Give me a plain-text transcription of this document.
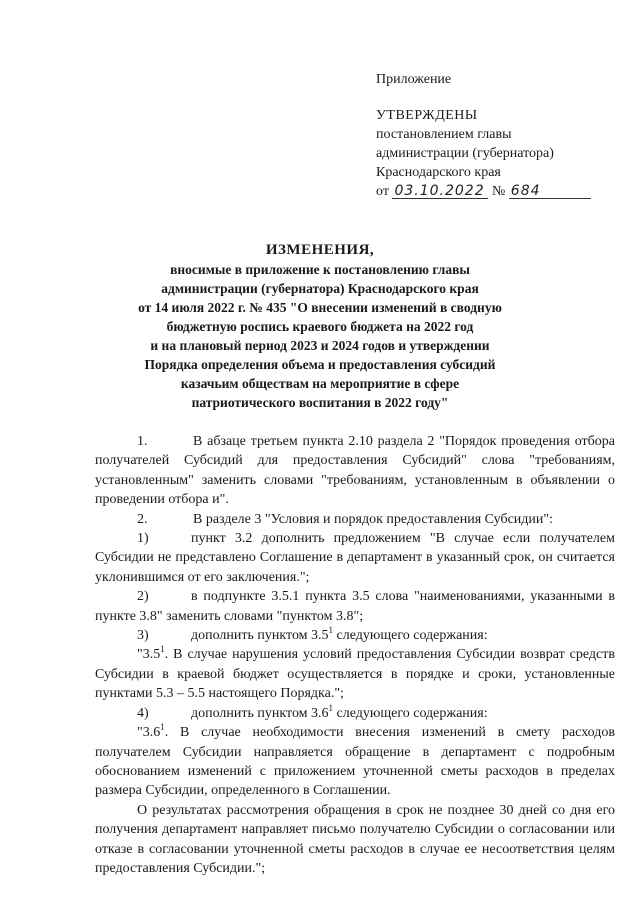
Приложение
УТВЕРЖДЕНЫ
постановлением главы
администрации (губернатора)
Краснодарского края
от 03.10.2022 № 684
ИЗМЕНЕНИЯ,
вносимые в приложение к постановлению главы
администрации (губернатора) Краснодарского края
от 14 июля 2022 г. № 435 "О внесении изменений в сводную
бюджетную роспись краевого бюджета на 2022 год
и на плановый период 2023 и 2024 годов и утверждении
Порядка определения объема и предоставления субсидий
казачьим обществам на мероприятие в сфере
патриотического воспитания в 2022 году"

1.	В абзаце третьем пункта 2.10 раздела 2 "Порядок проведения отбора получателей Субсидий для предоставления Субсидий" слова "требованиям, установленным" заменить словами "требованиям, установленным в объявлении о проведении отбора и".

2.	В разделе 3 "Условия и порядок предоставления Субсидии":

1)	пункт 3.2 дополнить предложением "В случае если получателем Субсидии не представлено Соглашение в департамент в указанный срок, он считается уклонившимся от его заключения.";

2)	в подпункте 3.5.1 пункта 3.5 слова "наименованиями, указанными в пункте 3.8" заменить словами "пунктом 3.8";

3)	дополнить пунктом $3.5^1$ следующего содержания:

"$3.5^1$. В случае нарушения условий предоставления Субсидии возврат средств Субсидии в краевой бюджет осуществляется в порядке и сроки, установленные пунктами 5.3 – 5.5 настоящего Порядка.";

4)	дополнить пунктом $3.6^1$ следующего содержания:

"$3.6^1$. В случае необходимости внесения изменений в смету расходов получателем Субсидии направляется обращение в департамент с подробным обоснованием изменений с приложением уточненной сметы расходов в пределах размера Субсидии, определенного в Соглашении.

О результатах рассмотрения обращения в срок не позднее 30 дней со дня его получения департамент направляет письмо получателю Субсидии о согласовании или отказе в согласовании уточненной сметы расходов в случае ее несоответствия целям предоставления Субсидии.";
